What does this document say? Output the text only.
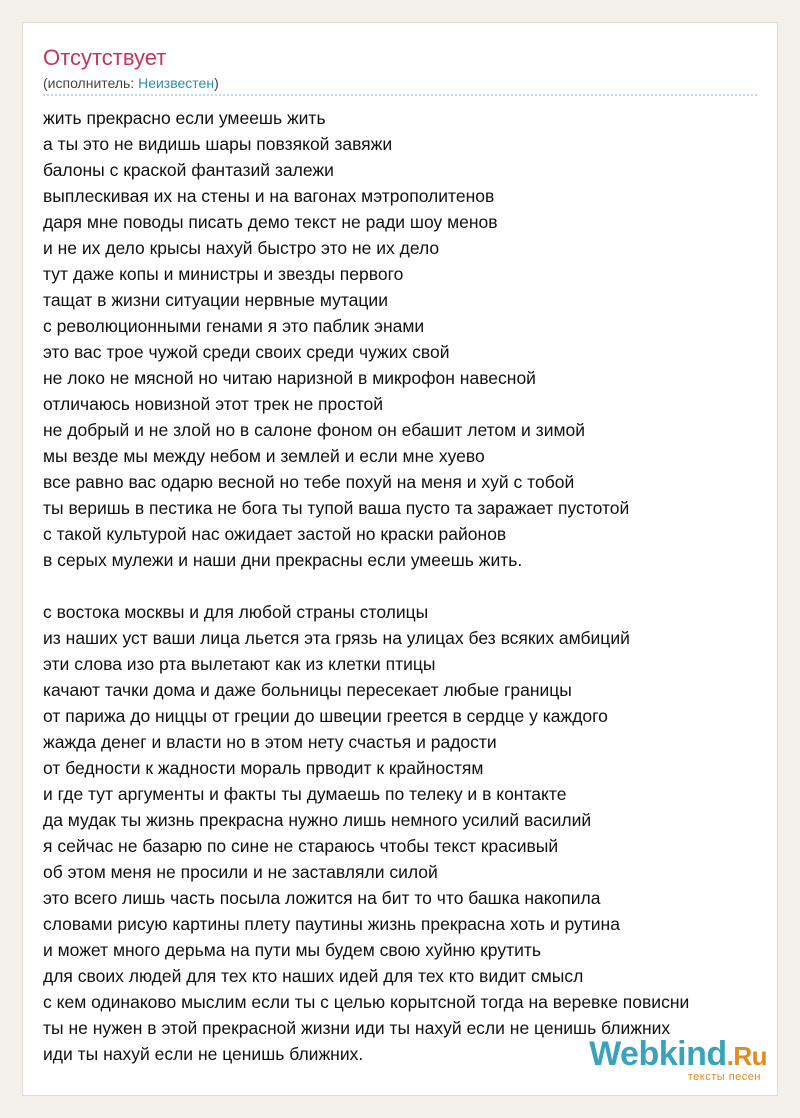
Отсутствует
(исполнитель: Неизвестен)
жить прекрасно если умеешь жить
а ты это не видишь шары повзякой завяжи
балоны с краской фантазий залежи
выплескивая их на стены и на вагонах мэтрополитенов
даря мне поводы писать демо текст не ради шоу менов
и не их дело крысы нахуй быстро это не их дело
тут даже копы и министры и звезды первого
тащат в жизни ситуации нервные мутации
с революционными генами я это паблик энами
это вас трое чужой среди своих среди чужих свой
не локо не мясной но читаю наризной в микрофон навесной
отличаюсь новизной этот трек не простой
не добрый и не злой но в салоне фоном он ебашит летом и зимой
мы везде мы между небом и землей и если мне хуево
все равно вас одарю весной но тебе похуй на меня и хуй с тобой
ты веришь в пестика не бога ты тупой ваша пусто та заражает пустотой
с такой культурой нас ожидает застой но краски районов
в серых мулежи и наши дни прекрасны если умеешь жить.
с востока москвы и для любой страны столицы
из наших уст ваши лица льется эта грязь на улицах без всяких амбиций
эти слова изо рта вылетают как из клетки птицы
качают тачки дома и даже больницы пересекает любые границы
от парижа до ниццы от греции до швеции греется в сердце у каждого
жажда денег и власти но в этом нету счастья и радости
от бедности к жадности мораль прводит к крайностям
и где тут аргументы и факты ты думаешь по телеку и в контакте
да мудак ты жизнь прекрасна нужно лишь немного усилий василий
я сейчас не базарю по сине не стараюсь чтобы текст красивый
об этом меня не просили и не заставляли силой
это всего лишь часть посыла ложится на бит то что башка накопила
словами рисую картины плету паутины жизнь прекрасна хоть и рутина
и может много дерьма на пути мы будем свою хуйню крутить
для своих людей для тех кто наших идей для тех кто видит смысл
с кем одинаково мыслим если ты с целью корытсной тогда на веревке повисни
ты не нужен в этой прекрасной жизни иди ты нахуй если не ценишь ближних
иди ты нахуй если не ценишь ближних.	Webkind.Ru
тексты песен
